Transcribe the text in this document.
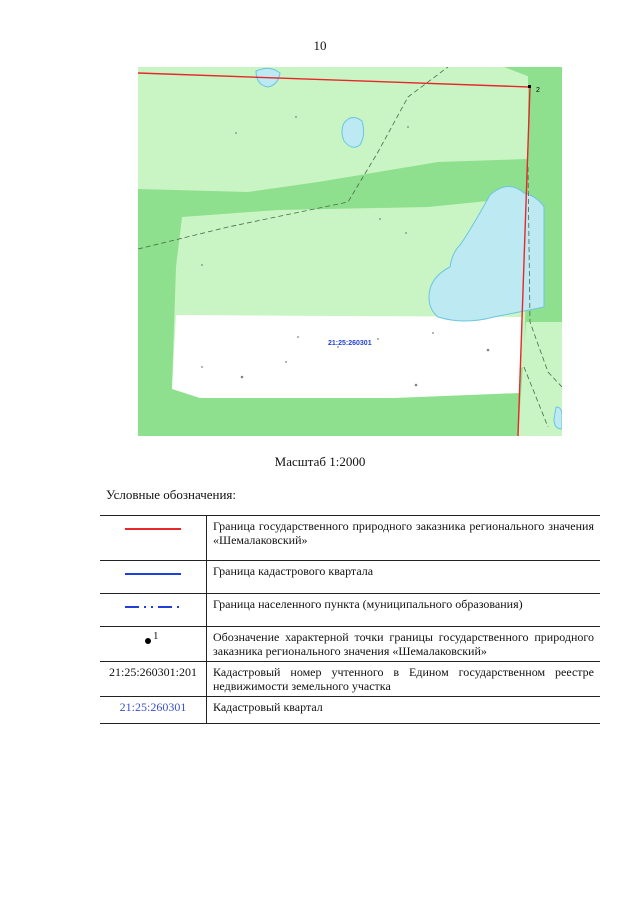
10
2
21:25:260301
Масштаб 1:2000
Условные обозначения:
	Граница государственного природного заказника регионального значения «Шемалаковский»
	Граница кадастрового квартала
	Граница населенного пункта (муниципального образования)

1	Обозначение характерной точки границы государственного природного заказника регионального значения «Шемалаковский»
21:25:260301:201	Кадастровый номер учтенного в Едином государственном реестре недвижимости земельного участка
21:25:260301	Кадастровый квартал
